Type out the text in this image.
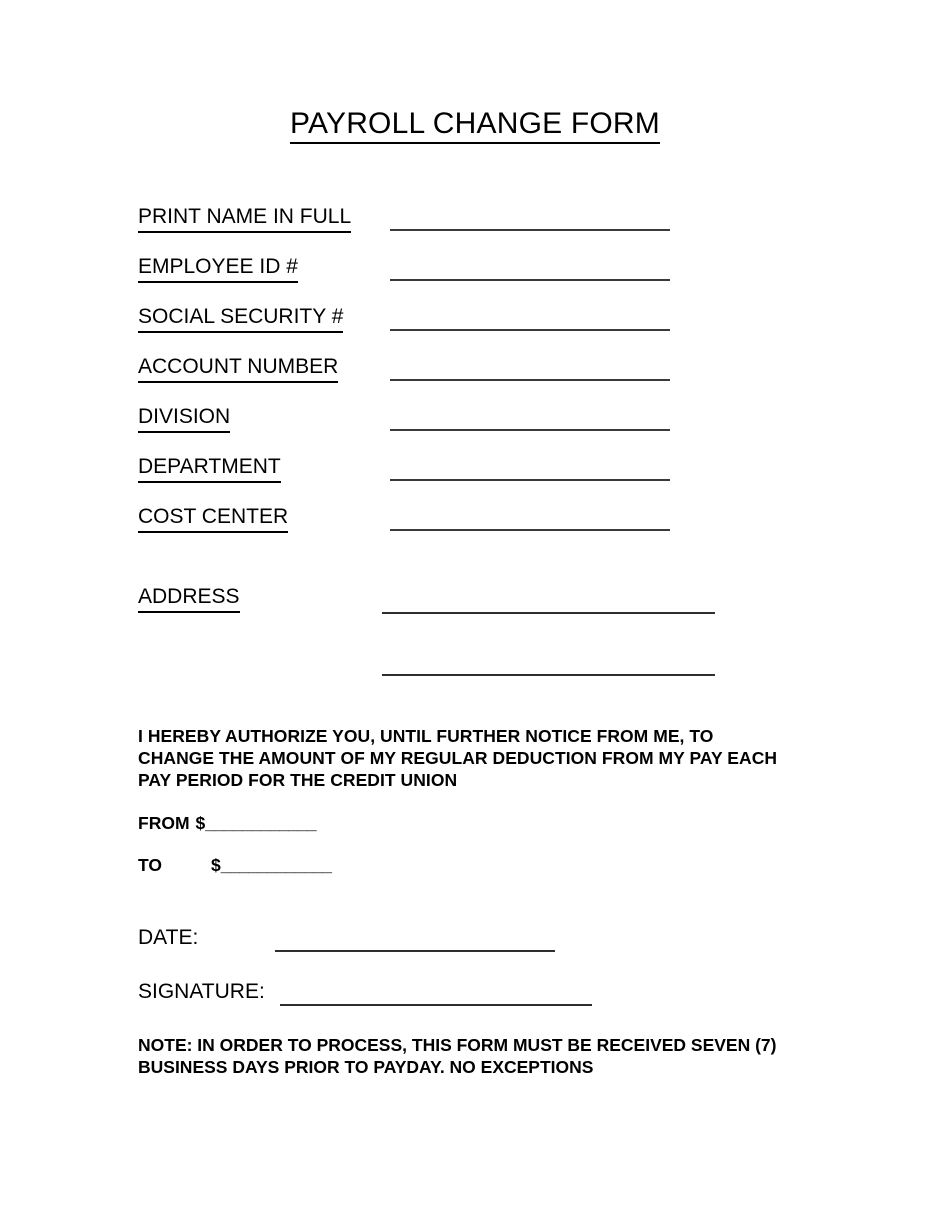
PAYROLL CHANGE FORM
PRINT NAME IN FULL
EMPLOYEE ID #
SOCIAL SECURITY #
ACCOUNT NUMBER
DIVISION
DEPARTMENT
COST CENTER
ADDRESS
I HEREBY AUTHORIZE YOU, UNTIL FURTHER NOTICE FROM ME, TO CHANGE THE AMOUNT OF MY REGULAR DEDUCTION FROM MY PAY EACH PAY PERIOD FOR THE CREDIT UNION
FROM $____________
TO	$____________
DATE:
SIGNATURE:
NOTE: IN ORDER TO PROCESS, THIS FORM MUST BE RECEIVED SEVEN (7) BUSINESS DAYS PRIOR TO PAYDAY. NO EXCEPTIONS
